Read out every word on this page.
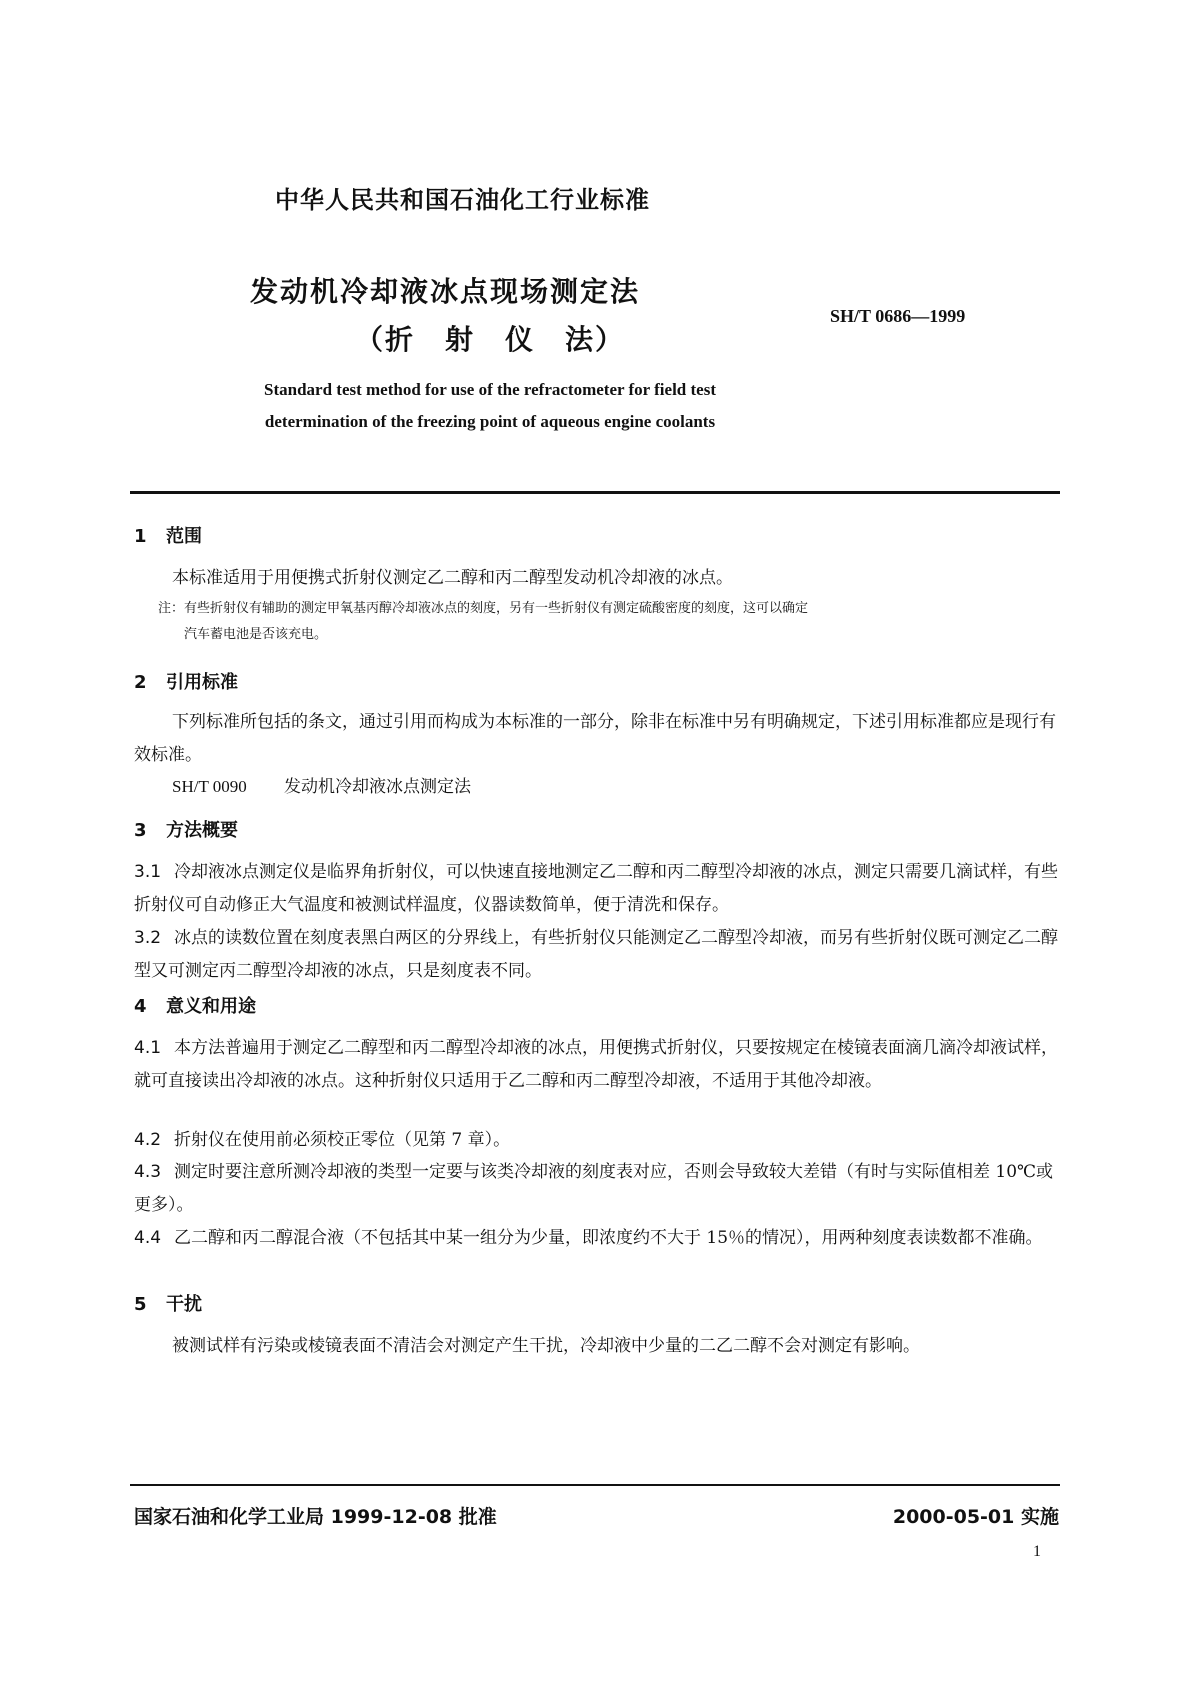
中华人民共和国石油化工行业标准
发动机冷却液冰点现场测定法
（折　射　仪　法）
SH/T 0686—1999
Standard test method for use of the refractometer for field test
determination of the freezing point of aqueous engine coolants
1 范围
本标准适用于用便携式折射仪测定乙二醇和丙二醇型发动机冷却液的冰点。
注：有些折射仪有辅助的测定甲氧基丙醇冷却液冰点的刻度，另有一些折射仪有测定硫酸密度的刻度，这可以确定
汽车蓄电池是否该充电。
2 引用标准
下列标准所包括的条文，通过引用而构成为本标准的一部分，除非在标准中另有明确规定，下述引用标准都应是现行有效标准。
SH/T 0090 发动机冷却液冰点测定法
3 方法概要
3.1 冷却液冰点测定仪是临界角折射仪，可以快速直接地测定乙二醇和丙二醇型冷却液的冰点，测定只需要几滴试样，有些折射仪可自动修正大气温度和被测试样温度，仪器读数简单，便于清洗和保存。
3.2 冰点的读数位置在刻度表黑白两区的分界线上，有些折射仪只能测定乙二醇型冷却液，而另有些折射仪既可测定乙二醇型又可测定丙二醇型冷却液的冰点，只是刻度表不同。
4 意义和用途
4.1 本方法普遍用于测定乙二醇型和丙二醇型冷却液的冰点，用便携式折射仪，只要按规定在棱镜表面滴几滴冷却液试样，就可直接读出冷却液的冰点。这种折射仪只适用于乙二醇和丙二醇型冷却液，不适用于其他冷却液。
4.2 折射仪在使用前必须校正零位（见第 7 章）。
4.3 测定时要注意所测冷却液的类型一定要与该类冷却液的刻度表对应，否则会导致较大差错（有时与实际值相差 10℃或更多）。
4.4 乙二醇和丙二醇混合液（不包括其中某一组分为少量，即浓度约不大于 15％的情况），用两种刻度表读数都不准确。
5 干扰
被测试样有污染或棱镜表面不清洁会对测定产生干扰，冷却液中少量的二乙二醇不会对测定有影响。
国家石油和化学工业局 1999-12-08 批准	2000-05-01 实施
1
